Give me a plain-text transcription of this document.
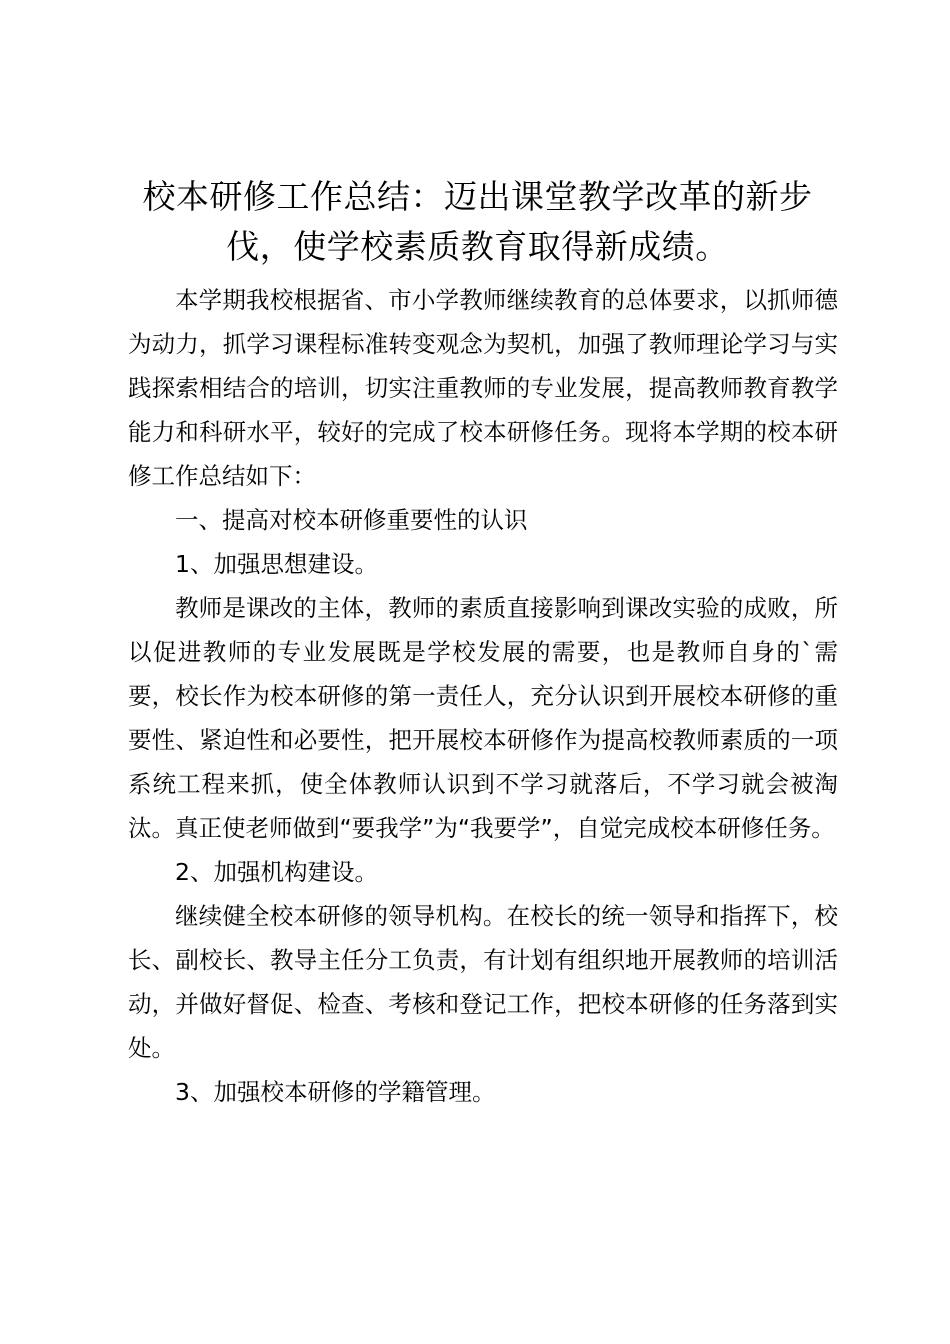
校本研修工作总结：迈出课堂教学改革的新步伐，使学校素质教育取得新成绩。

本学期我校根据省、市小学教师继续教育的总体要求，以抓师德为动力，抓学习课程标准转变观念为契机，加强了教师理论学习与实践探索相结合的培训，切实注重教师的专业发展，提高教师教育教学能力和科研水平，较好的完成了校本研修任务。现将本学期的校本研修工作总结如下：

一、提高对校本研修重要性的认识

1、加强思想建设。

教师是课改的主体，教师的素质直接影响到课改实验的成败，所以促进教师的专业发展既是学校发展的需要，也是教师自身的`需要，校长作为校本研修的第一责任人，充分认识到开展校本研修的重要性、紧迫性和必要性，把开展校本研修作为提高校教师素质的一项系统工程来抓，使全体教师认识到不学习就落后，不学习就会被淘汰。真正使老师做到“要我学”为“我要学”，自觉完成校本研修任务。

2、加强机构建设。

继续健全校本研修的领导机构。在校长的统一领导和指挥下，校长、副校长、教导主任分工负责，有计划有组织地开展教师的培训活动，并做好督促、检查、考核和登记工作，把校本研修的任务落到实处。

3、加强校本研修的学籍管理。
